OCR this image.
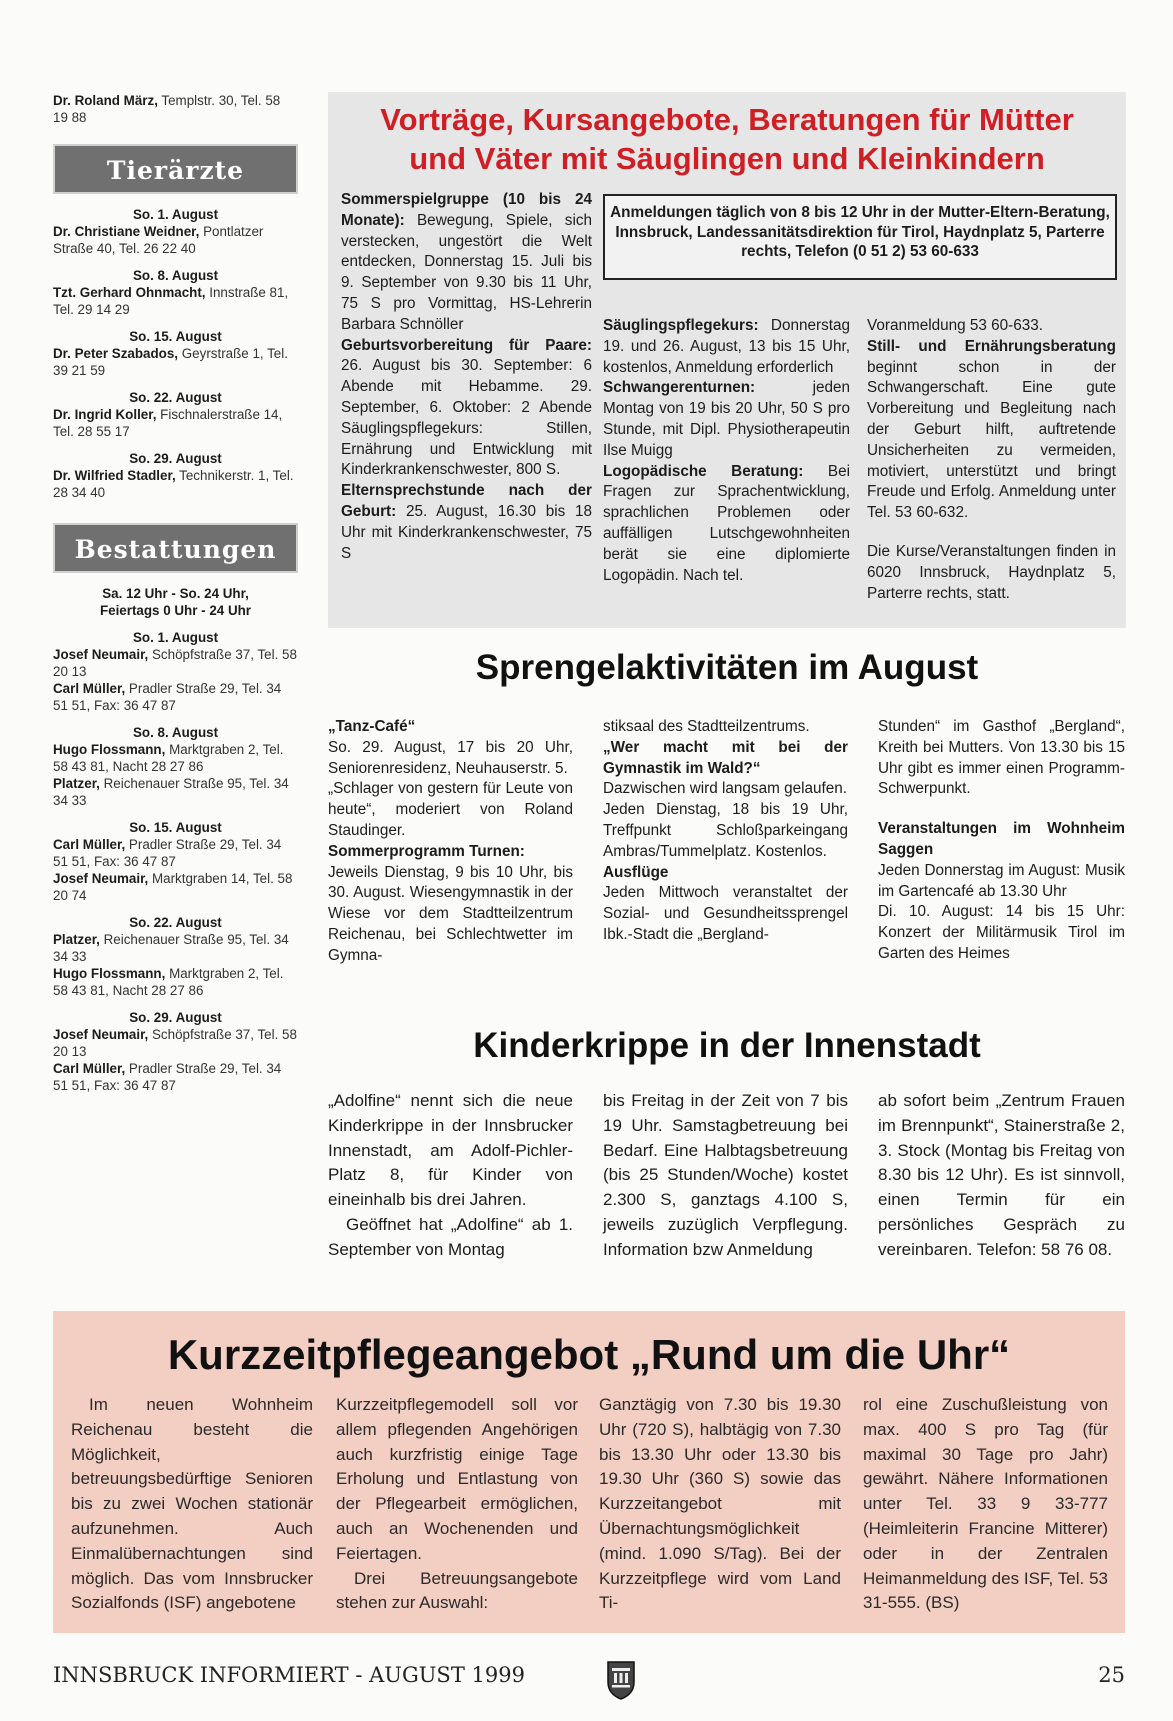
Dr. Roland März, Templstr. 30, Tel. 58 19 88

Tierärzte
So. 1. August

Dr. Christiane Weidner, Pontlatzer Straße 40, Tel. 26 22 40

So. 8. August

Tzt. Gerhard Ohnmacht, Innstraße 81, Tel. 29 14 29

So. 15. August

Dr. Peter Szabados, Geyrstraße 1, Tel. 39 21 59

So. 22. August

Dr. Ingrid Koller, Fischnalerstraße 14, Tel. 28 55 17

So. 29. August

Dr. Wilfried Stadler, Technikerstr. 1, Tel. 28 34 40

Bestattungen
Sa. 12 Uhr - So. 24 Uhr,
Feiertags 0 Uhr - 24 Uhr
So. 1. August

Josef Neumair, Schöpfstraße 37, Tel. 58 20 13

Carl Müller, Pradler Straße 29, Tel. 34 51 51, Fax: 36 47 87

So. 8. August

Hugo Flossmann, Marktgraben 2, Tel. 58 43 81, Nacht 28 27 86

Platzer, Reichenauer Straße 95, Tel. 34 34 33

So. 15. August

Carl Müller, Pradler Straße 29, Tel. 34 51 51, Fax: 36 47 87

Josef Neumair, Marktgraben 14, Tel. 58 20 74

So. 22. August

Platzer, Reichenauer Straße 95, Tel. 34 34 33

Hugo Flossmann, Marktgraben 2, Tel. 58 43 81, Nacht 28 27 86

So. 29. August

Josef Neumair, Schöpfstraße 37, Tel. 58 20 13

Carl Müller, Pradler Straße 29, Tel. 34 51 51, Fax: 36 47 87

Vorträge, Kursangebote, Beratungen für Mütter
und Väter mit Säuglingen und Kleinkindern

Sommerspielgruppe (10 bis 24 Monate): Bewegung, Spiele, sich verstecken, ungestört die Welt entdecken, Donnerstag 15. Juli bis 9. September von 9.30 bis 11 Uhr, 75 S pro Vormittag, HS-Lehrerin Barbara Schnöller

Geburtsvorbereitung für Paare: 26. August bis 30. September: 6 Abende mit Hebamme. 29. September, 6. Oktober: 2 Abende Säuglingspflegekurs: Stillen, Ernährung und Entwicklung mit Kinderkrankenschwester, 800 S.

Elternsprechstunde nach der Geburt: 25. August, 16.30 bis 18 Uhr mit Kinderkrankenschwester, 75 S

Anmeldungen täglich von 8 bis 12 Uhr in der Mutter-Eltern-Beratung, Innsbruck, Landessanitätsdirektion für Tirol, Haydnplatz 5, Parterre rechts, Telefon (0 51 2) 53 60-633

Säuglingspflegekurs: Donnerstag 19. und 26. August, 13 bis 15 Uhr, kostenlos, Anmeldung erforderlich

Schwangerenturnen:	jeden Montag von 19 bis 20 Uhr, 50 S pro Stunde, mit Dipl. Physiotherapeutin Ilse Muigg

Logopädische Beratung: Bei Fragen zur Sprachentwicklung, sprachlichen Problemen oder auffälligen Lutschgewohnheiten berät sie eine diplomierte Logopädin. Nach tel.

Voranmeldung 53 60-633.

Still- und Ernährungsberatung beginnt schon in der Schwangerschaft. Eine gute Vorbereitung und Begleitung nach der Geburt hilft, auftretende Unsicherheiten zu vermeiden, motiviert, unterstützt und bringt Freude und Erfolg. Anmeldung unter Tel. 53 60-632.

Die Kurse/Veranstaltungen finden in 6020 Innsbruck, Haydnplatz 5, Parterre rechts, statt.

Sprengelaktivitäten im August

„Tanz-Café“

So. 29. August, 17 bis 20 Uhr, Seniorenresidenz, Neuhauserstr. 5.

„Schlager von gestern für Leute von heute“, moderiert von Roland Staudinger.

Sommerprogramm Turnen:

Jeweils Dienstag, 9 bis 10 Uhr, bis 30. August. Wiesengymnastik in der Wiese vor dem Stadtteilzentrum Reichenau, bei Schlechtwetter im Gymna-

stiksaal des Stadtteilzentrums.

„Wer macht mit bei der Gymnastik im Wald?“

Dazwischen wird langsam gelaufen.

Jeden Dienstag, 18 bis 19 Uhr, Treffpunkt Schloßparkeingang Ambras/Tummelplatz. Kostenlos.

Ausflüge

Jeden Mittwoch veranstaltet der Sozial- und Gesundheitssprengel Ibk.-Stadt die „Bergland-

Stunden“ im Gasthof „Bergland“, Kreith bei Mutters. Von 13.30 bis 15 Uhr gibt es immer einen Programm-Schwerpunkt.

Veranstaltungen im Wohnheim Saggen

Jeden Donnerstag im August: Musik im Gartencafé ab 13.30 Uhr

Di. 10. August: 14 bis 15 Uhr: Konzert der Militärmusik Tirol im Garten des Heimes

Kinderkrippe in der Innenstadt

„Adolfine“ nennt sich die neue Kinderkrippe in der Innsbrucker Innenstadt, am Adolf-Pichler-Platz 8, für Kinder von eineinhalb bis drei Jahren.

Geöffnet hat „Adolfine“ ab 1. September von Montag

bis Freitag in der Zeit von 7 bis 19 Uhr. Samstagbetreuung bei Bedarf. Eine Halbtagsbetreuung (bis 25 Stunden/Woche) kostet 2.300 S, ganztags 4.100 S, jeweils zuzüglich Verpflegung. Information bzw Anmeldung

ab sofort beim „Zentrum Frauen im Brennpunkt“, Stainerstraße 2, 3. Stock (Montag bis Freitag von 8.30 bis 12 Uhr). Es ist sinnvoll, einen Termin für ein persönliches Gespräch zu vereinbaren. Telefon: 58 76 08.

Kurzzeitpflegeangebot „Rund um die Uhr“

Im neuen Wohnheim Reichenau besteht die Möglichkeit, betreuungsbedürftige Senioren bis zu zwei Wochen stationär aufzunehmen. Auch Einmalübernachtungen sind möglich. Das vom Innsbrucker Sozialfonds (ISF) angebotene

Kurzzeitpflegemodell soll vor allem pflegenden Angehörigen auch kurzfristig einige Tage Erholung und Entlastung von der Pflegearbeit ermöglichen, auch an Wochenenden und Feiertagen.

Drei Betreuungsangebote stehen zur Auswahl:

Ganztägig von 7.30 bis 19.30 Uhr (720 S), halbtägig von 7.30 bis 13.30 Uhr oder 13.30 bis 19.30 Uhr (360 S) sowie das Kurzzeitangebot mit Übernachtungsmöglichkeit (mind. 1.090 S/Tag). Bei der Kurzzeitpflege wird vom Land Ti-

rol eine Zuschußleistung von max. 400 S pro Tag (für maximal 30 Tage pro Jahr) gewährt. Nähere Informationen unter Tel. 33 9 33-777 (Heimleiterin Francine Mitterer) oder in der Zentralen Heimanmeldung des ISF, Tel. 53 31-555. (BS)

INNSBRUCK INFORMIERT - AUGUST 1999	25
